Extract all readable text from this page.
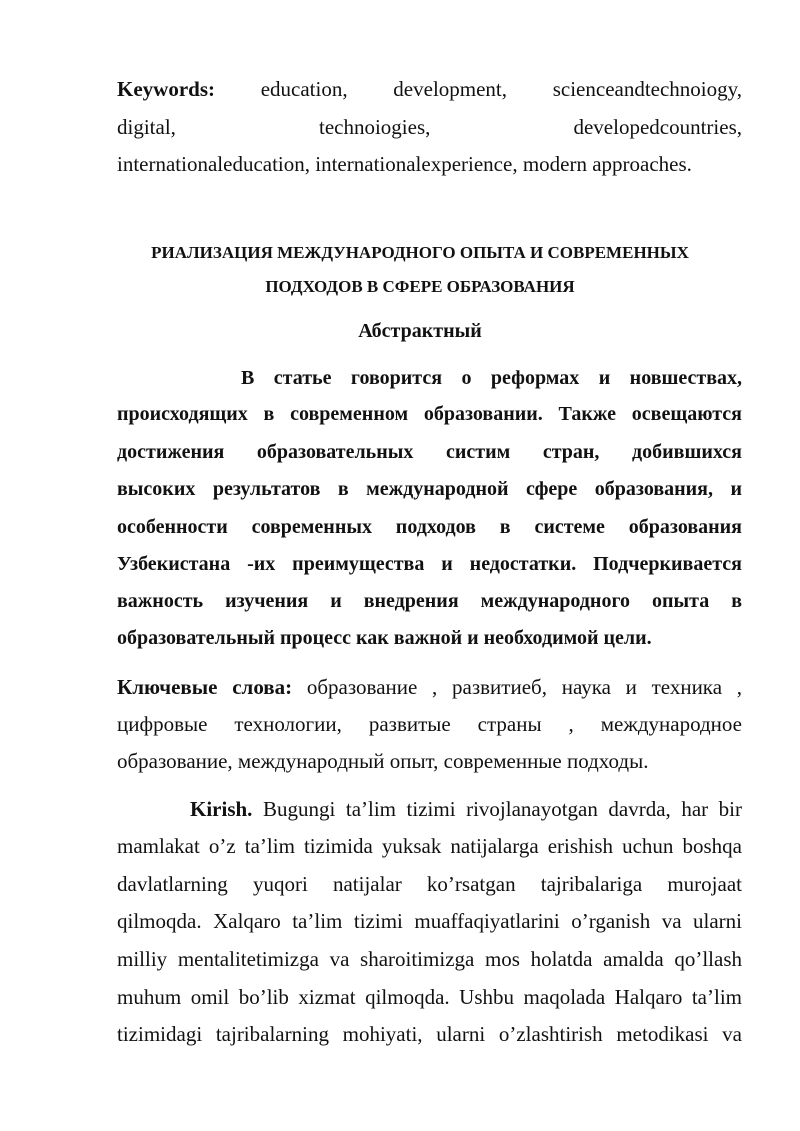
Keywords: education, development, scienceandtechnoiogy,
digital,	technoiogies,	developedcountries,
internationaleducation, internationalexperience, modern approaches.
РИАЛИЗАЦИЯ МЕЖДУНАРОДНОГО ОПЫТА И СОВРЕМЕННЫХ
ПОДХОДОВ В СФЕРЕ ОБРАЗОВАНИЯ
Абстрактный
В статье говорится о реформах и новшествах,
происходящих в современном образовании. Также освещаются
достижения образовательных систим стран, добившихся
высоких результатов в международной сфере образования, и
особенности современных подходов в системе образования
Узбекистана -их преимущества и недостатки. Подчеркивается
важность изучения и внедрения международного опыта в
образовательный процесс как важной и необходимой цели.
Ключевые слова: образование , развитиеб, наука и техника ,
цифровые технологии, развитые страны , международное
образование, международный опыт, современные подходы.
Kirish. Bugungi ta’lim tizimi rivojlanayotgan davrda, har bir
mamlakat o’z ta’lim tizimida yuksak natijalarga erishish uchun boshqa
davlatlarning yuqori natijalar ko’rsatgan tajribalariga murojaat
qilmoqda. Xalqaro ta’lim tizimi muaffaqiyatlarini o’rganish va ularni
milliy mentalitetimizga va sharoitimizga mos holatda amalda qo’llash
muhum omil bo’lib xizmat qilmoqda. Ushbu maqolada Halqaro ta’lim
tizimidagi tajribalarning mohiyati, ularni o’zlashtirish metodikasi va
